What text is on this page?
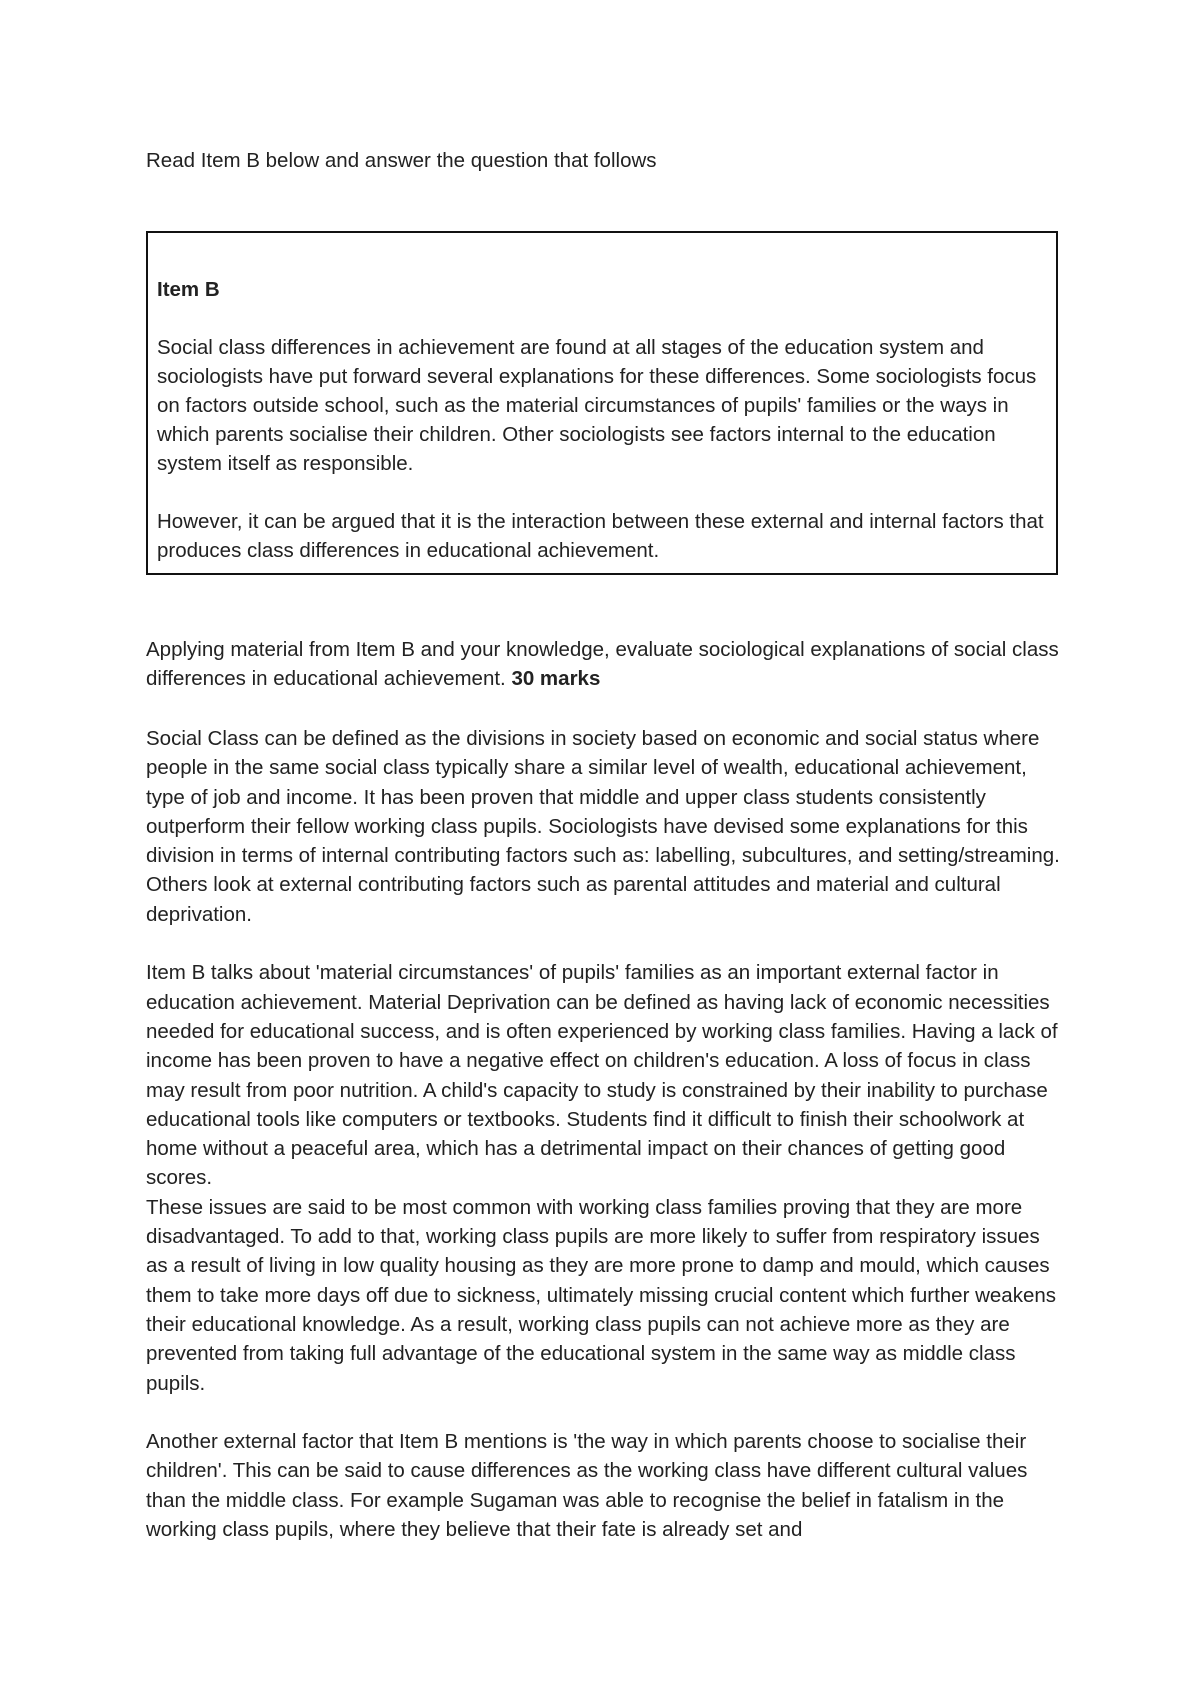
Read Item B below and answer the question that follows

Item B

Social class differences in achievement are found at all stages of the education system and sociologists have put forward several explanations for these differences. Some sociologists focus on factors outside school, such as the material circumstances of pupils' families or the ways in which parents socialise their children. Other sociologists see factors internal to the education system itself as responsible.

However, it can be argued that it is the interaction between these external and internal factors that produces class differences in educational achievement.

Applying material from Item B and your knowledge, evaluate sociological explanations of social class differences in educational achievement. 30 marks

Social Class can be defined as the divisions in society based on economic and social status where people in the same social class typically share a similar level of wealth, educational achievement, type of job and income. It has been proven that middle and upper class students consistently outperform their fellow working class pupils. Sociologists have devised some explanations for this division in terms of internal contributing factors such as: labelling, subcultures, and setting/streaming. Others look at external contributing factors such as parental attitudes and material and cultural deprivation.

Item B talks about 'material circumstances' of pupils' families as an important external factor in education achievement. Material Deprivation can be defined as having lack of economic necessities needed for educational success, and is often experienced by working class families. Having a lack of income has been proven to have a negative effect on children's education. A loss of focus in class may result from poor nutrition. A child's capacity to study is constrained by their inability to purchase educational tools like computers or textbooks. Students find it difficult to finish their schoolwork at home without a peaceful area, which has a detrimental impact on their chances of getting good scores.

These issues are said to be most common with working class families proving that they are more disadvantaged. To add to that, working class pupils are more likely to suffer from respiratory issues as a result of living in low quality housing as they are more prone to damp and mould, which causes them to take more days off due to sickness, ultimately missing crucial content which further weakens their educational knowledge. As a result, working class pupils can not achieve more as they are prevented from taking full advantage of the educational system in the same way as middle class pupils.

Another external factor that Item B mentions is 'the way in which parents choose to socialise their children'. This can be said to cause differences as the working class have different cultural values than the middle class. For example Sugaman was able to recognise the belief in fatalism in the working class pupils, where they believe that their fate is already set and
